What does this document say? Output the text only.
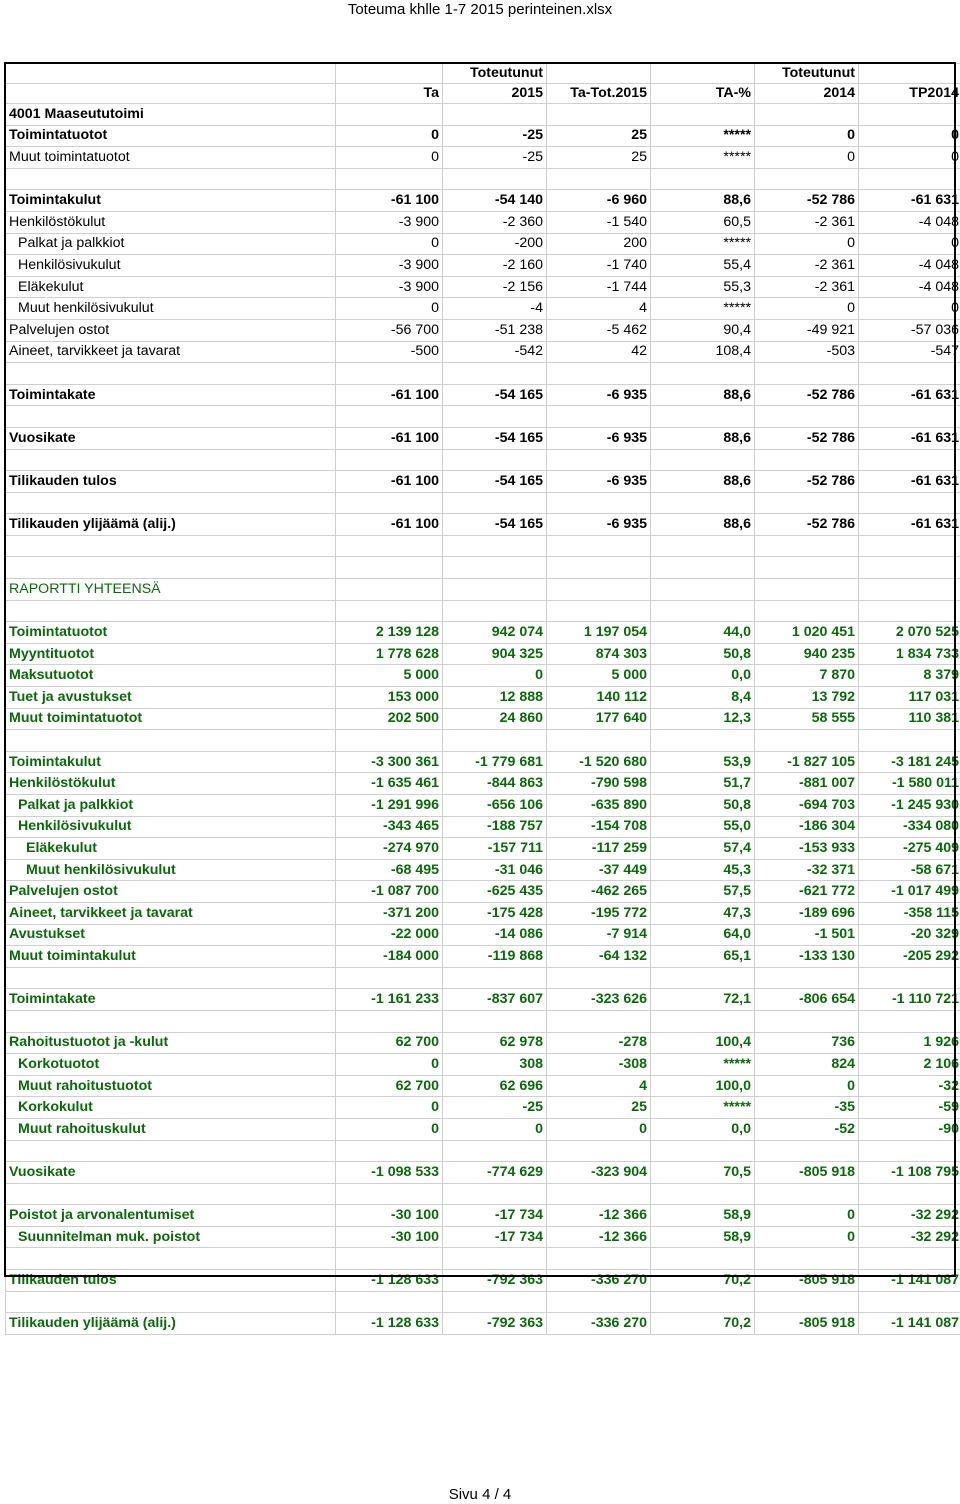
Toteuma khlle 1-7 2015 perinteinen.xlsx
		Toteutunut			Toteutunut	
	Ta	2015	Ta-Tot.2015	TA-%	2014	TP2014
4001 Maaseututoimi						
Toimintatuotot	0	-25	25	*****	0	0
Muut toimintatuotot	0	-25	25	*****	0	0

Toimintakulut	-61 100	-54 140	-6 960	88,6	-52 786	-61 631
Henkilöstökulut	-3 900	-2 360	-1 540	60,5	-2 361	-4 048
Palkat ja palkkiot	0	-200	200	*****	0	0
Henkilösivukulut	-3 900	-2 160	-1 740	55,4	-2 361	-4 048
Eläkekulut	-3 900	-2 156	-1 744	55,3	-2 361	-4 048
Muut henkilösivukulut	0	-4	4	*****	0	0
Palvelujen ostot	-56 700	-51 238	-5 462	90,4	-49 921	-57 036
Aineet, tarvikkeet ja tavarat	-500	-542	42	108,4	-503	-547

Toimintakate	-61 100	-54 165	-6 935	88,6	-52 786	-61 631

Vuosikate	-61 100	-54 165	-6 935	88,6	-52 786	-61 631

Tilikauden tulos	-61 100	-54 165	-6 935	88,6	-52 786	-61 631

Tilikauden ylijäämä (alij.)	-61 100	-54 165	-6 935	88,6	-52 786	-61 631

RAPORTTI YHTEENSÄ						

Toimintatuotot	2 139 128	942 074	1 197 054	44,0	1 020 451	2 070 525
Myyntituotot	1 778 628	904 325	874 303	50,8	940 235	1 834 733
Maksutuotot	5 000	0	5 000	0,0	7 870	8 379
Tuet ja avustukset	153 000	12 888	140 112	8,4	13 792	117 031
Muut toimintatuotot	202 500	24 860	177 640	12,3	58 555	110 381

Toimintakulut	-3 300 361	-1 779 681	-1 520 680	53,9	-1 827 105	-3 181 245
Henkilöstökulut	-1 635 461	-844 863	-790 598	51,7	-881 007	-1 580 011
Palkat ja palkkiot	-1 291 996	-656 106	-635 890	50,8	-694 703	-1 245 930
Henkilösivukulut	-343 465	-188 757	-154 708	55,0	-186 304	-334 080
Eläkekulut	-274 970	-157 711	-117 259	57,4	-153 933	-275 409
Muut henkilösivukulut	-68 495	-31 046	-37 449	45,3	-32 371	-58 671
Palvelujen ostot	-1 087 700	-625 435	-462 265	57,5	-621 772	-1 017 499
Aineet, tarvikkeet ja tavarat	-371 200	-175 428	-195 772	47,3	-189 696	-358 115
Avustukset	-22 000	-14 086	-7 914	64,0	-1 501	-20 329
Muut toimintakulut	-184 000	-119 868	-64 132	65,1	-133 130	-205 292

Toimintakate	-1 161 233	-837 607	-323 626	72,1	-806 654	-1 110 721

Rahoitustuotot ja -kulut	62 700	62 978	-278	100,4	736	1 926
Korkotuotot	0	308	-308	*****	824	2 106
Muut rahoitustuotot	62 700	62 696	4	100,0	0	-32
Korkokulut	0	-25	25	*****	-35	-59
Muut rahoituskulut	0	0	0	0,0	-52	-90

Vuosikate	-1 098 533	-774 629	-323 904	70,5	-805 918	-1 108 795

Poistot ja arvonalentumiset	-30 100	-17 734	-12 366	58,9	0	-32 292
Suunnitelman muk. poistot	-30 100	-17 734	-12 366	58,9	0	-32 292

Tilikauden tulos	-1 128 633	-792 363	-336 270	70,2	-805 918	-1 141 087

Tilikauden ylijäämä (alij.)	-1 128 633	-792 363	-336 270	70,2	-805 918	-1 141 087
Sivu 4 / 4
